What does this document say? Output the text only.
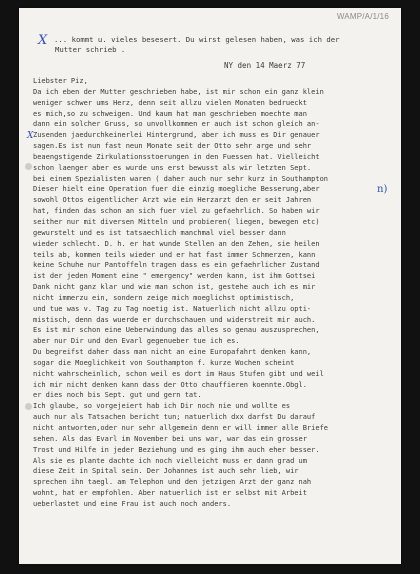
WAMP/A/1/16
X ... kommt u. vieles besesert. Du wirst gelesen haben, was ich der
Mutter schrieb .
NY den 14 Maerz 77
X
n)
Liebster Piz,
Da ich eben der Mutter geschrieben habe, ist mir schon ein ganz klein
weniger schwer ums Herz, denn seit allzu vielen Monaten bedrueckt
es mich,so zu schweigen. Und kaum hat man geschrieben moechte man
dann ein solcher Gruss, so unvollkommen er auch ist schon gleich an-
Zusenden jaedurchkeinerlei Hintergrund, aber ich muss es Dir genauer
sagen.Es ist nun fast neun Monate seit der Otto sehr arge und sehr
beaengstigende Zirkulationsstoerungen in den Fuessen hat. Vielleicht
schon laenger aber es wurde uns erst bewusst als wir letzten Sept.
bei einem Spezialisten waren ( daher auch nur sehr kurz in Southampton
Dieser hielt eine Operation fuer die einzig moegliche Besserung,aber
sowohl Ottos eigentlicher Arzt wie ein Herzarzt den er seit Jahren
hat, finden das schon an sich fuer viel zu gefaehrlich. So haben wir
seither nur mit diversen Mitteln und probieren( liegen, bewegen etc)
gewurstelt und es ist tatsaechlich manchmal viel besser dann
wieder schlecht. D. h. er hat wunde Stellen an den Zehen, sie heilen
teils ab, kommen teils wieder und er hat fast immer Schmerzen, kann
keine Schuhe nur Pantoffeln tragen dass es ein gefaehrlicher Zustand
ist der jeden Moment eine " emergency" werden kann, ist ihm Gottsei
Dank nicht ganz klar und wie man schon ist, gestehe auch ich es mir
nicht immerzu ein, sondern zeige mich moeglichst optimistisch,
und tue was v. Tag zu Tag noetig ist. Natuerlich nicht allzu opti-
mistisch, denn das wuerde er durchschauen und widerstreit mir auch.
Es ist mir schon eine Ueberwindung das alles so genau auszusprechen,
aber nur Dir und den Evarl gegenueber tue ich es.
Du begreifst daher dass man nicht an eine Europafahrt denken kann,
sogar die Moeglichkeit von Southampton f. kurze Wochen scheint
nicht wahrscheinlich, schon weil es dort im Haus Stufen gibt und weil
ich mir nicht denken kann dass der Otto chauffieren koennte.Obgl.
er dies noch bis Sept. gut und gern tat.
Ich glaube, so vorgejeiert hab ich Dir noch nie und wollte es
auch nur als Tatsachen bericht tun; natuerlich dxx darfst Du darauf
nicht antworten,oder nur sehr allgemein denn er will immer alle Briefe
sehen. Als das Evarl im November bei uns war, war das ein grosser
Trost und Hilfe in jeder Beziehung und es ging ihm auch eher besser.
Als sie es plante dachte ich noch vielleicht muss er dann grad um
diese Zeit in Spital sein. Der Johannes ist auch sehr lieb, wir
sprechen ihn taegl. am Telephon und den jetzigen Arzt der ganz nah
wohnt, hat er empfohlen. Aber natuerlich ist er selbst mit Arbeit
ueberlastet und eine Frau ist auch noch anders.
